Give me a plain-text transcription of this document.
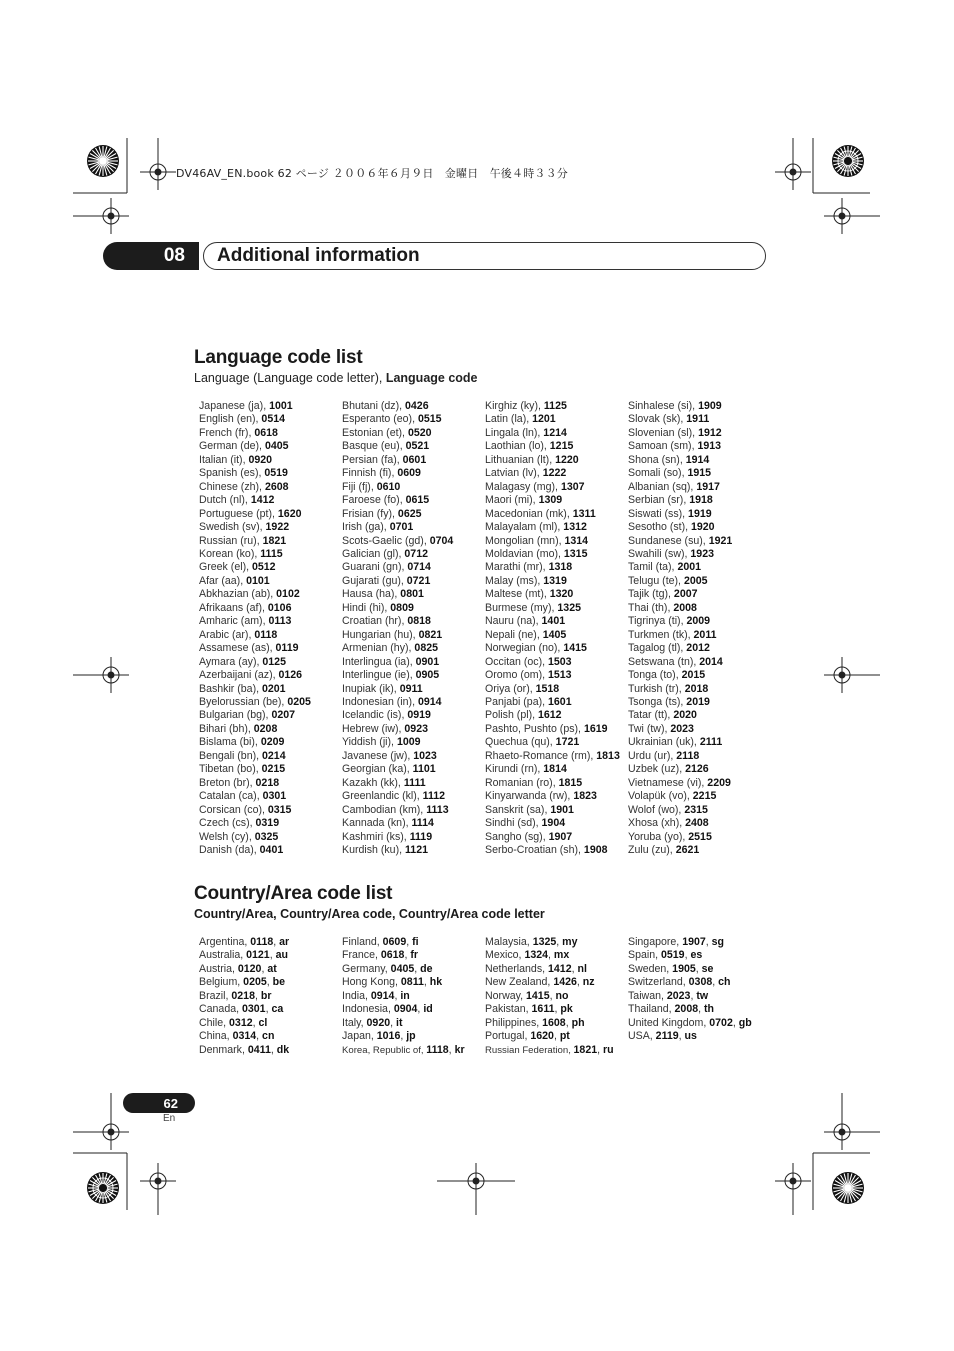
DV46AV_EN.book 62 ページ ２００６年６月９日　金曜日　午後４時３３分
08	Additional information
Language code list
Language (Language code letter), Language code
Japanese (ja), 1001
English (en), 0514
French (fr), 0618
German (de), 0405
Italian (it), 0920
Spanish (es), 0519
Chinese (zh), 2608
Dutch (nl), 1412
Portuguese (pt), 1620
Swedish (sv), 1922
Russian (ru), 1821
Korean (ko), 1115
Greek (el), 0512
Afar (aa), 0101
Abkhazian (ab), 0102
Afrikaans (af), 0106
Amharic (am), 0113
Arabic (ar), 0118
Assamese (as), 0119
Aymara (ay), 0125
Azerbaijani (az), 0126
Bashkir (ba), 0201
Byelorussian (be), 0205
Bulgarian (bg), 0207
Bihari (bh), 0208
Bislama (bi), 0209
Bengali (bn), 0214
Tibetan (bo), 0215
Breton (br), 0218
Catalan (ca), 0301
Corsican (co), 0315
Czech (cs), 0319
Welsh (cy), 0325
Danish (da), 0401
Bhutani (dz), 0426
Esperanto (eo), 0515
Estonian (et), 0520
Basque (eu), 0521
Persian (fa), 0601
Finnish (fi), 0609
Fiji (fj), 0610
Faroese (fo), 0615
Frisian (fy), 0625
Irish (ga), 0701
Scots-Gaelic (gd), 0704
Galician (gl), 0712
Guarani (gn), 0714
Gujarati (gu), 0721
Hausa (ha), 0801
Hindi (hi), 0809
Croatian (hr), 0818
Hungarian (hu), 0821
Armenian (hy), 0825
Interlingua (ia), 0901
Interlingue (ie), 0905
Inupiak (ik), 0911
Indonesian (in), 0914
Icelandic (is), 0919
Hebrew (iw), 0923
Yiddish (ji), 1009
Javanese (jw), 1023
Georgian (ka), 1101
Kazakh (kk), 1111
Greenlandic (kl), 1112
Cambodian (km), 1113
Kannada (kn), 1114
Kashmiri (ks), 1119
Kurdish (ku), 1121
Kirghiz (ky), 1125
Latin (la), 1201
Lingala (ln), 1214
Laothian (lo), 1215
Lithuanian (lt), 1220
Latvian (lv), 1222
Malagasy (mg), 1307
Maori (mi), 1309
Macedonian (mk), 1311
Malayalam (ml), 1312
Mongolian (mn), 1314
Moldavian (mo), 1315
Marathi (mr), 1318
Malay (ms), 1319
Maltese (mt), 1320
Burmese (my), 1325
Nauru (na), 1401
Nepali (ne), 1405
Norwegian (no), 1415
Occitan (oc), 1503
Oromo (om), 1513
Oriya (or), 1518
Panjabi (pa), 1601
Polish (pl), 1612
Pashto, Pushto (ps), 1619
Quechua (qu), 1721
Rhaeto-Romance (rm), 1813
Kirundi (rn), 1814
Romanian (ro), 1815
Kinyarwanda (rw), 1823
Sanskrit (sa), 1901
Sindhi (sd), 1904
Sangho (sg), 1907
Serbo-Croatian (sh), 1908
Sinhalese (si), 1909
Slovak (sk), 1911
Slovenian (sl), 1912
Samoan (sm), 1913
Shona (sn), 1914
Somali (so), 1915
Albanian (sq), 1917
Serbian (sr), 1918
Siswati (ss), 1919
Sesotho (st), 1920
Sundanese (su), 1921
Swahili (sw), 1923
Tamil (ta), 2001
Telugu (te), 2005
Tajik (tg), 2007
Thai (th), 2008
Tigrinya (ti), 2009
Turkmen (tk), 2011
Tagalog (tl), 2012
Setswana (tn), 2014
Tonga (to), 2015
Turkish (tr), 2018
Tsonga (ts), 2019
Tatar (tt), 2020
Twi (tw), 2023
Ukrainian (uk), 2111
Urdu (ur), 2118
Uzbek (uz), 2126
Vietnamese (vi), 2209
Volapük (vo), 2215
Wolof (wo), 2315
Xhosa (xh), 2408
Yoruba (yo), 2515
Zulu (zu), 2621
Country/Area code list
Country/Area, Country/Area code, Country/Area code letter
Argentina, 0118, ar
Australia, 0121, au
Austria, 0120, at
Belgium, 0205, be
Brazil, 0218, br
Canada, 0301, ca
Chile, 0312, cl
China, 0314, cn
Denmark, 0411, dk
Finland, 0609, fi
France, 0618, fr
Germany, 0405, de
Hong Kong, 0811, hk
India, 0914, in
Indonesia, 0904, id
Italy, 0920, it
Japan, 1016, jp
Korea, Republic of, 1118, kr
Malaysia, 1325, my
Mexico, 1324, mx
Netherlands, 1412, nl
New Zealand, 1426, nz
Norway, 1415, no
Pakistan, 1611, pk
Philippines, 1608, ph
Portugal, 1620, pt
Russian Federation, 1821, ru
Singapore, 1907, sg
Spain, 0519, es
Sweden, 1905, se
Switzerland, 0308, ch
Taiwan, 2023, tw
Thailand, 2008, th
United Kingdom, 0702, gb
USA, 2119, us
62
En
